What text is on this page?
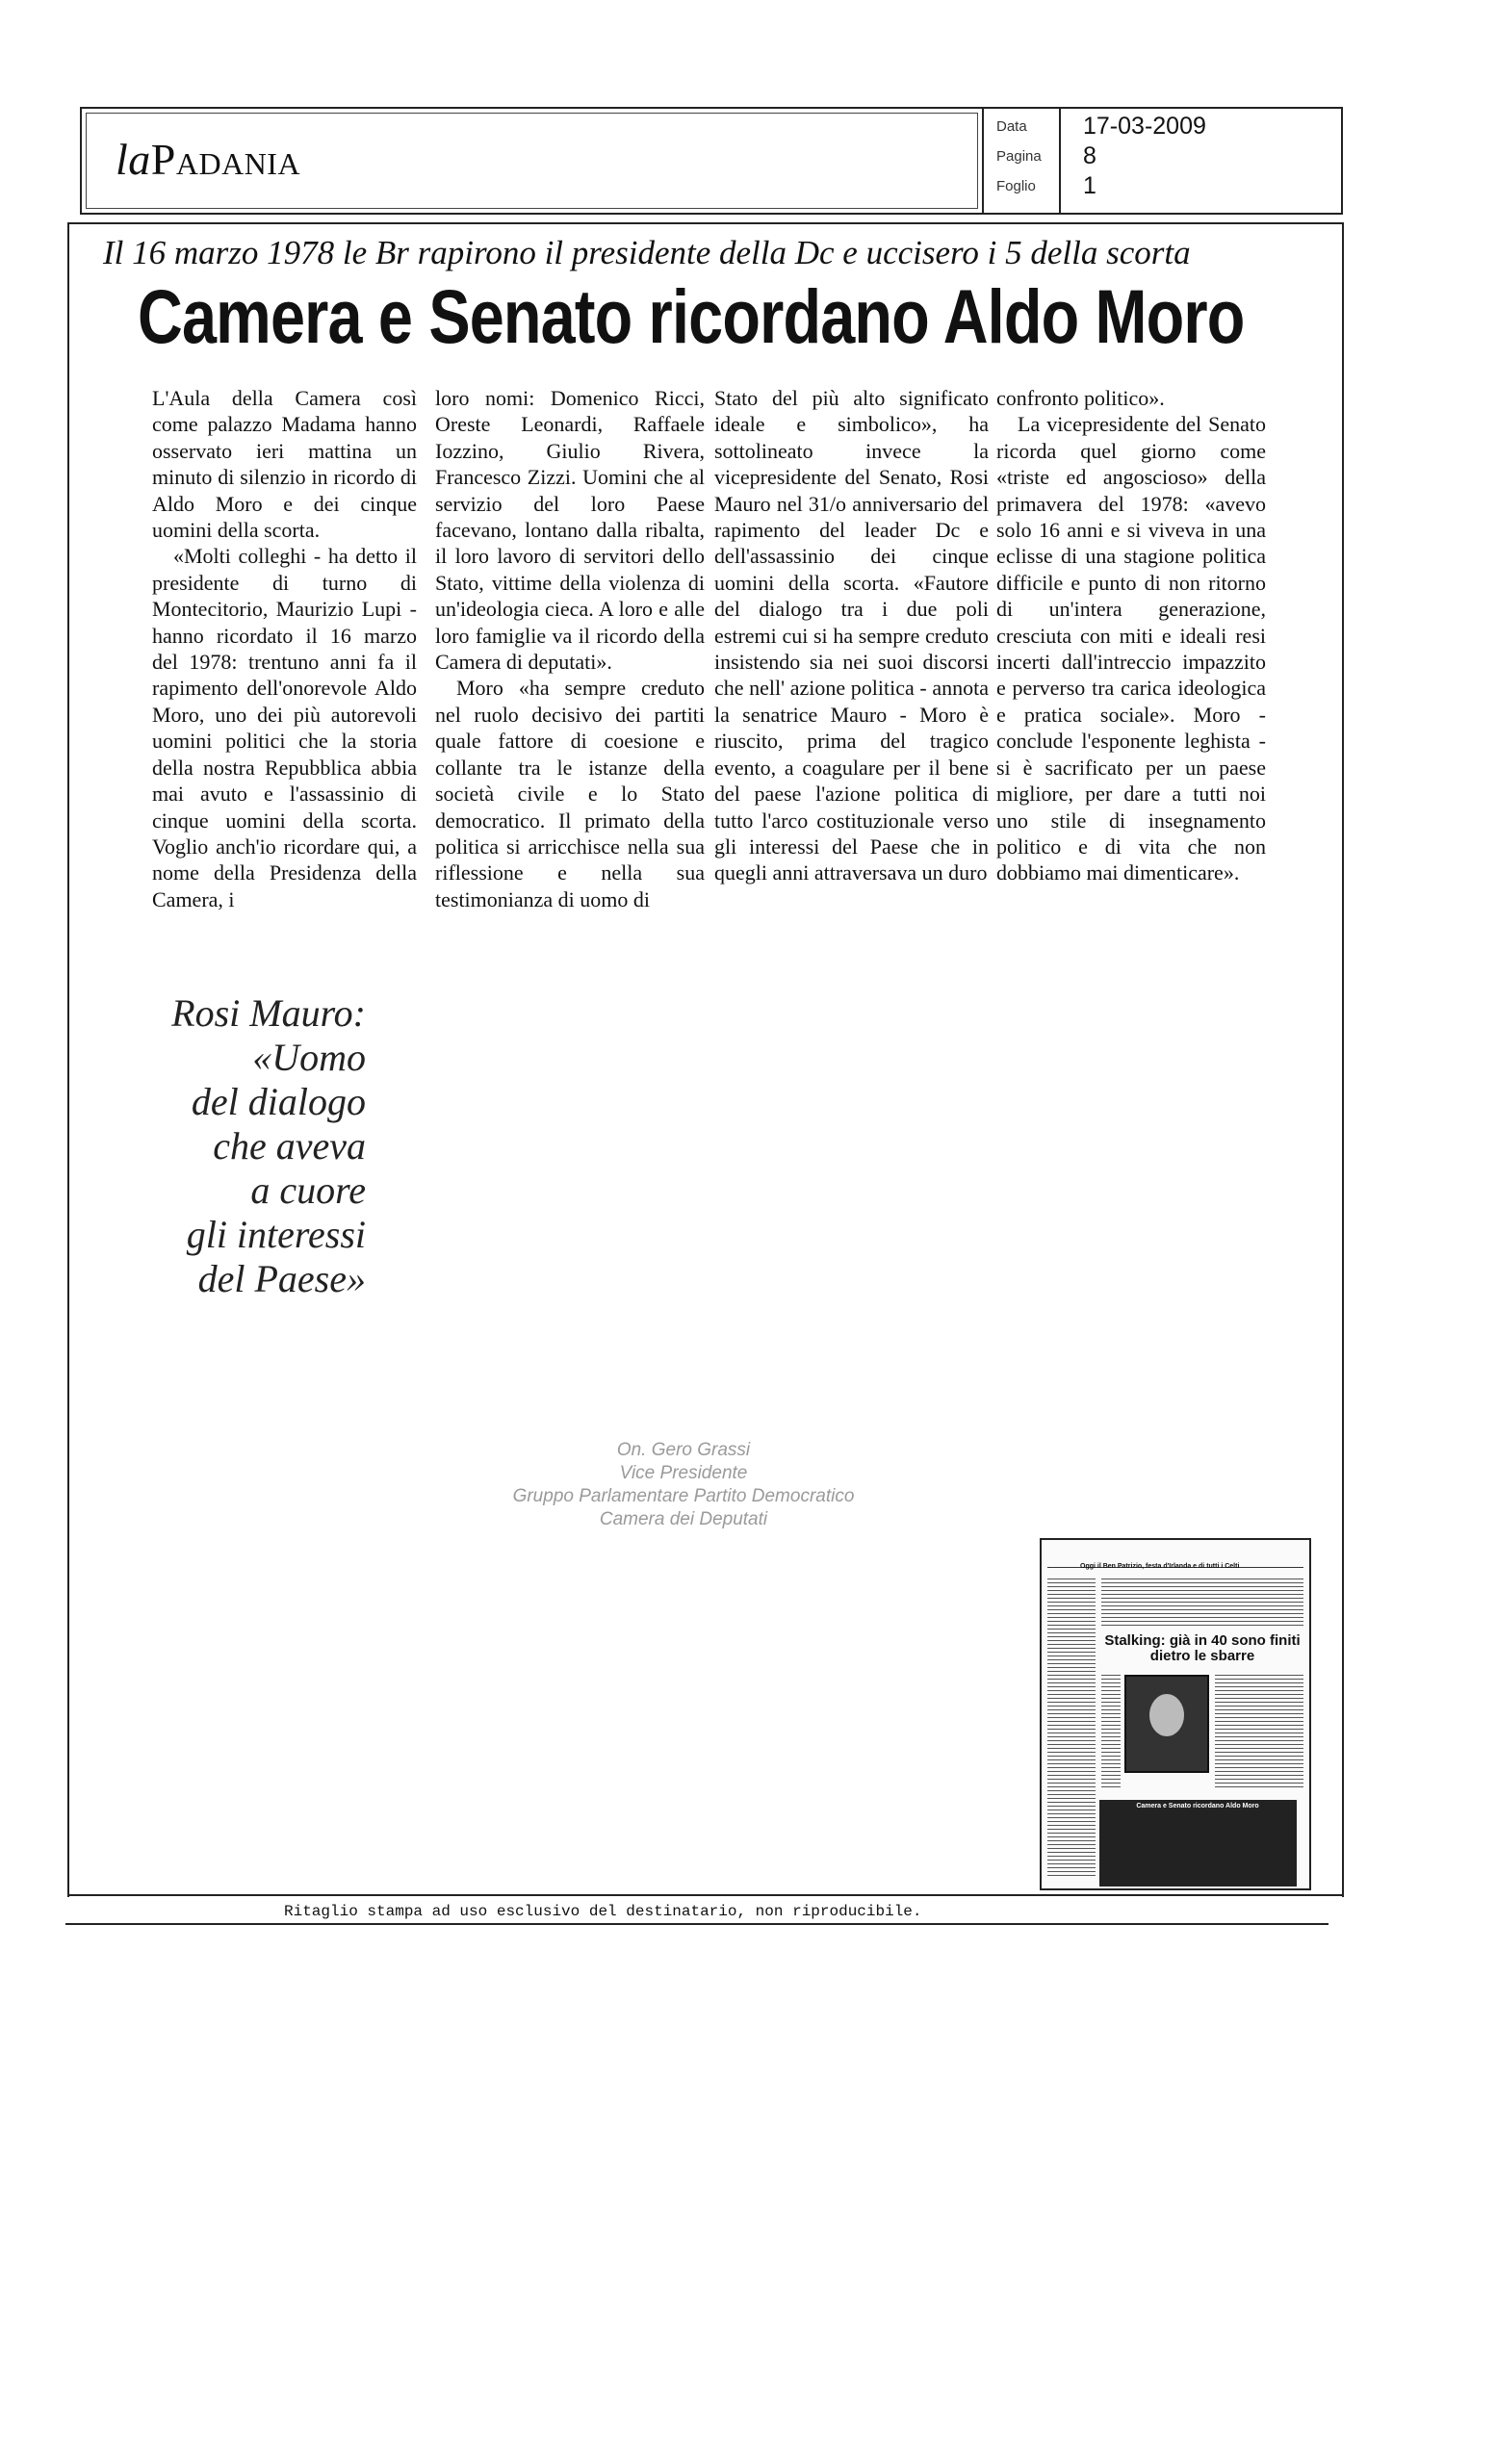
laPadania
Data 17-03-2009
Pagina 8
Foglio 1
Il 16 marzo 1978 le Br rapirono il presidente della Dc e uccisero i 5 della scorta
Camera e Senato ricordano Aldo Moro

L'Aula della Camera così come palazzo Madama hanno osservato ieri mattina un minuto di silenzio in ricordo di Aldo Moro e dei cinque uomini della scorta.

«Molti colleghi - ha detto il presidente di turno di Montecitorio, Maurizio Lupi - hanno ricordato il 16 marzo del 1978: trentuno anni fa il rapimento dell'onorevole Aldo Moro, uno dei più autorevoli uomini politici che la storia della nostra Repubblica abbia mai avuto e l'assassinio di cinque uomini della scorta. Voglio anch'io ricordare qui, a nome della Presidenza della Camera, i

loro nomi: Domenico Ricci, Oreste Leonardi, Raffaele Iozzino, Giulio Rivera, Francesco Zizzi. Uomini che al servizio del loro Paese facevano, lontano dalla ribalta, il loro lavoro di servitori dello Stato, vittime della violenza di un'ideologia cieca. A loro e alle loro famiglie va il ricordo della Camera di deputati».

Moro «ha sempre creduto nel ruolo decisivo dei partiti quale fattore di coesione e collante tra le istanze della società civile e lo Stato democratico. Il primato della politica si arricchisce nella sua riflessione e nella sua testimonianza di uomo di

Stato del più alto significato ideale e simbolico», ha sottolineato invece la vicepresidente del Senato, Rosi Mauro nel 31/o anniversario del rapimento del leader Dc e dell'assassinio dei cinque uomini della scorta. «Fautore del dialogo tra i due poli estremi cui si ha sempre creduto insistendo sia nei suoi discorsi che nell' azione politica - annota la senatrice Mauro - Moro è riuscito, prima del tragico evento, a coagulare per il bene del paese l'azione politica di tutto l'arco costituzionale verso gli interessi del Paese che in quegli anni attraversava un duro

confronto politico».

La vicepresidente del Senato ricorda quel giorno come «triste ed angoscioso» della primavera del 1978: «avevo solo 16 anni e si viveva in una eclisse di una stagione politica difficile e punto di non ritorno di un'intera generazione, cresciuta con miti e ideali resi incerti dall'intreccio impazzito e perverso tra carica ideologica e pratica sociale». Moro - conclude l'esponente leghista - si è sacrificato per un paese migliore, per dare a tutti noi uno stile di insegnamento politico e di vita che non dobbiamo mai dimenticare».

Rosi Mauro:
«Uomo
del dialogo
che aveva
a cuore
gli interessi
del Paese»
On. Gero Grassi
Vice Presidente
Gruppo Parlamentare Partito Democratico
Camera dei Deputati
Oggi il Ben Patrizio, festa d'Irlanda e di tutti i Celti
Stalking: già in 40 sono finiti dietro le sbarre
Camera e Senato ricordano Aldo Moro
Ritaglio stampa ad uso esclusivo del destinatario, non riproducibile.
